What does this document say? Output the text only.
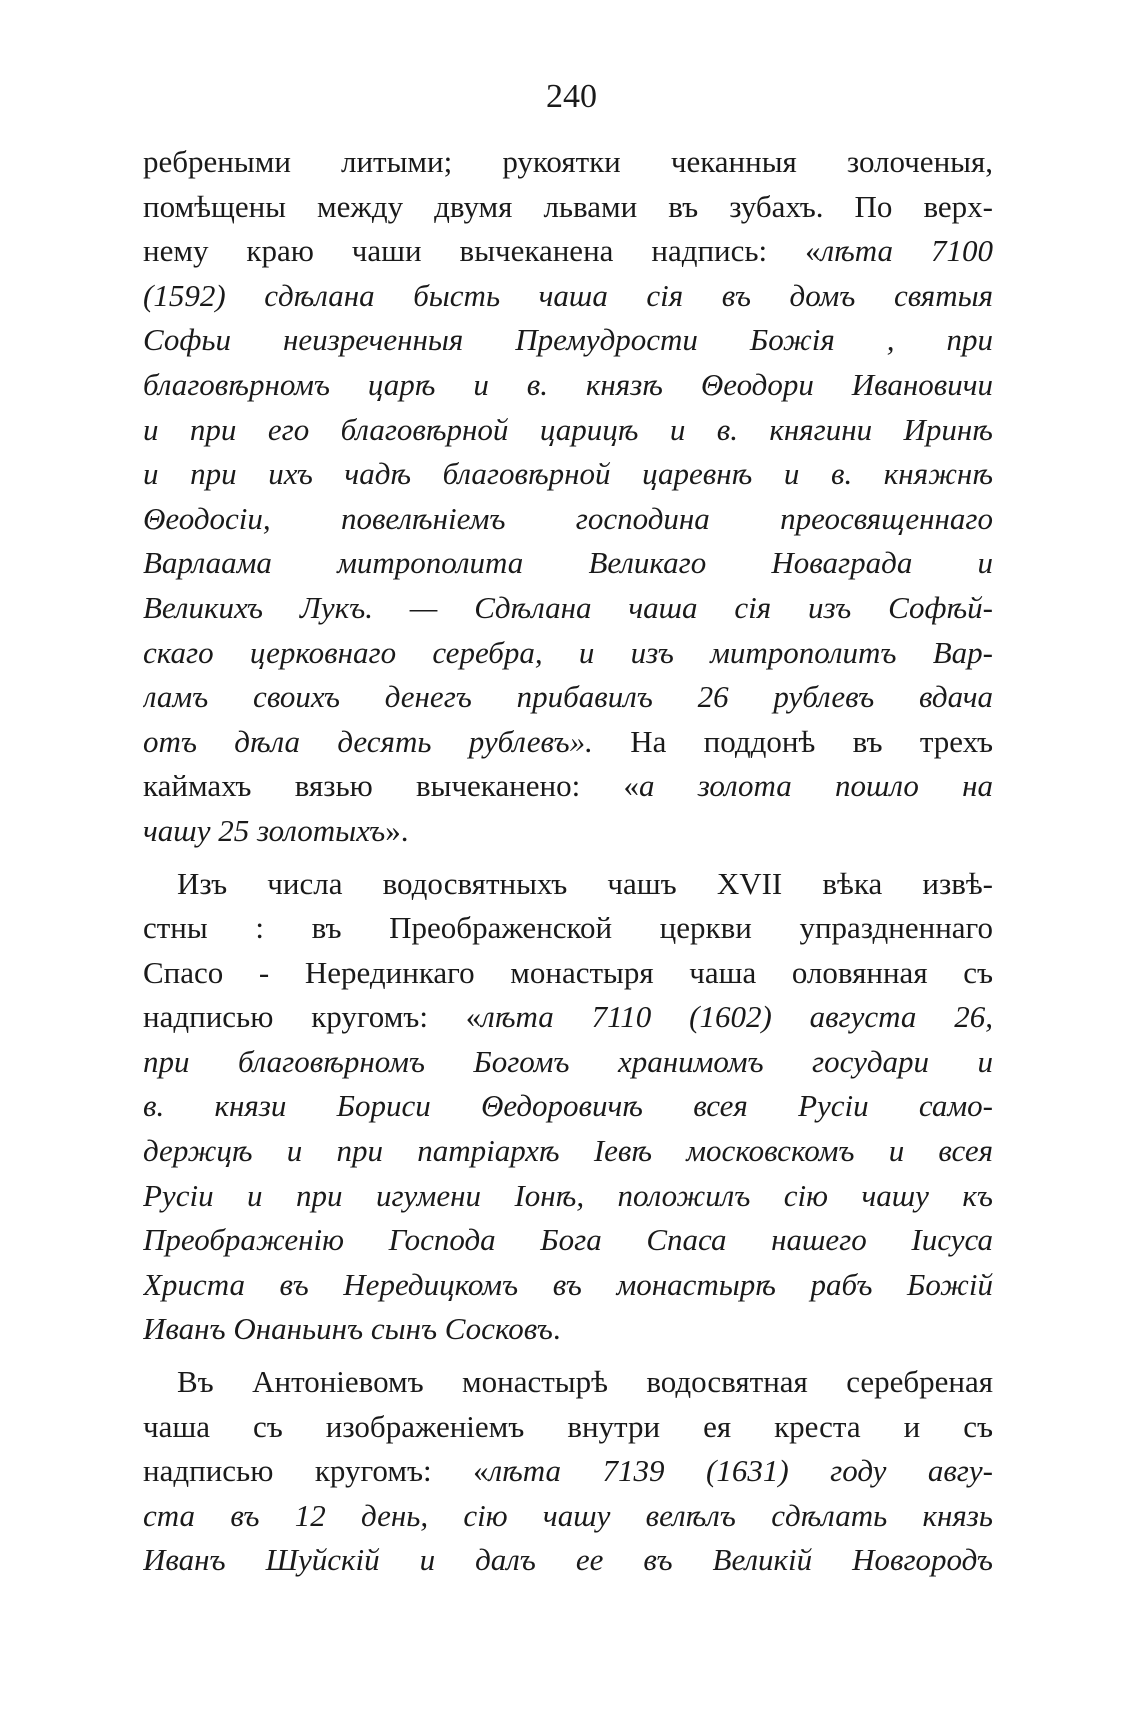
240
ребреными литыми; рукоятки чеканныя золоченыя,
помѣщены между двумя львами въ зубахъ. По верх-
нему краю чаши вычеканена надпись: «лѣта 7100
(1592) сдѣлана бысть чаша сія въ домъ святыя
Софьи неизреченныя Премудрости Божія , при
благовѣрномъ царѣ и в. князѣ Θеодори Ивановичи
и при его благовѣрной царицѣ и в. княгини Иринѣ
и при ихъ чадѣ благовѣрной царевнѣ и в. княжнѣ
Θеодосіи, повелѣніемъ господина преосвященнаго
Варлаама митрополита Великаго Новаграда и
Великихъ Лукъ. — Сдѣлана чаша сія изъ Софѣй-
скаго церковнаго серебра, и изъ митрополитъ Вар-
ламъ своихъ денегъ прибавилъ 26 рублевъ вдача
отъ дѣла десять рублевъ». На поддонѣ въ трехъ
каймахъ вязью вычеканено: «а золота пошло на
чашу 25 золотыхъ».
Изъ числа водосвятныхъ чашъ XVII вѣка извѣ-
стны : въ Преображенской церкви упраздненнаго
Спасо - Нерединкаго монастыря чаша оловянная съ
надписью кругомъ: «лѣта 7110 (1602) августа 26,
при благовѣрномъ Богомъ хранимомъ государи и
в. князи Бориси Θедоровичѣ всея Русіи само-
держцѣ и при патріархѣ Іевѣ московскомъ и всея
Русіи и при игумени Іонѣ, положилъ сію чашу къ
Преображенію Господа Бога Спаса нашего Іисуса
Христа въ Нередицкомъ въ монастырѣ рабъ Божій
Иванъ Онаньинъ сынъ Сосковъ.
Въ Антоніевомъ монастырѣ водосвятная серебреная
чаша съ изображеніемъ внутри ея креста и съ
надписью кругомъ: «лѣта 7139 (1631) году авгу-
ста въ 12 день, сію чашу велѣлъ сдѣлать князь
Иванъ Шуйскій и далъ ее въ Великій Новгородъ
